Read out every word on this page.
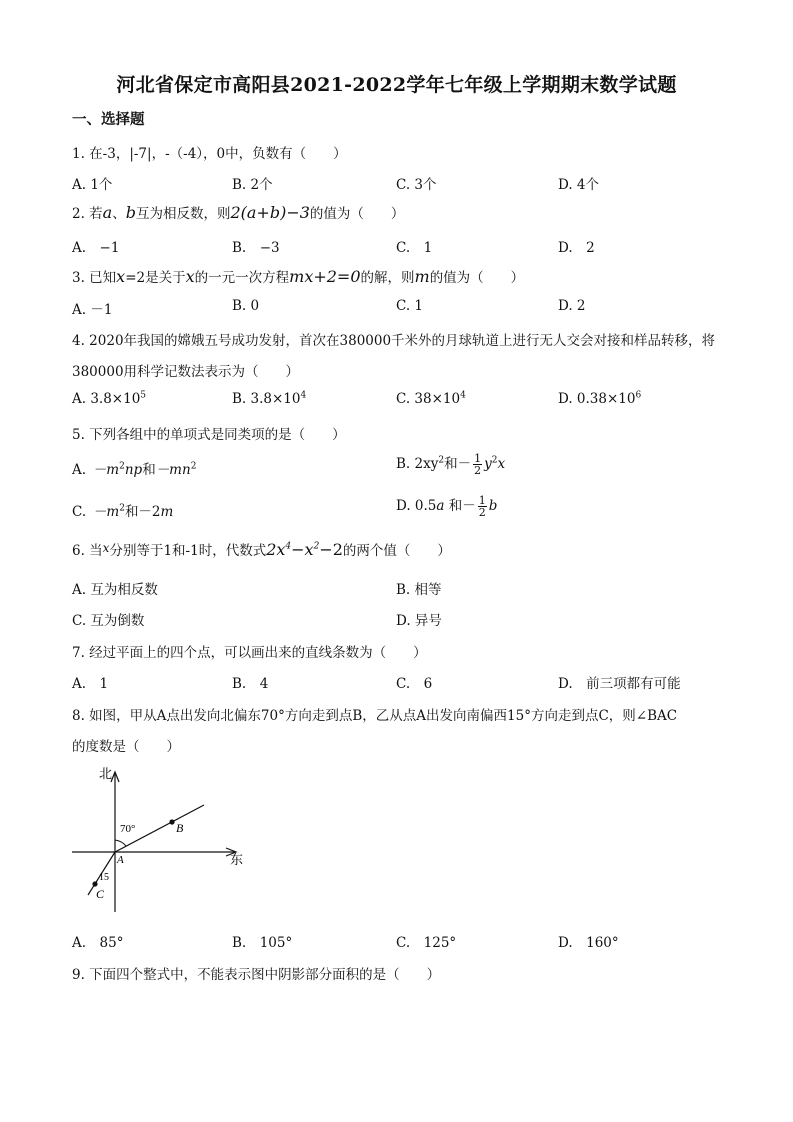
河北省保定市高阳县2021-2022学年七年级上学期期末数学试题
一、选择题
1. 在-3，|-7|，-（-4），0中，负数有（　　）
A. 1个	B. 2个	C. 3个	D. 4个
2. 若a、b互为相反数，则2(a+b)−3的值为（　　）
A.　−1	B.　−3	C.　1	D.　2
3. 已知x=2是关于x的一元一次方程mx+2=0的解，则m的值为（　　）
A. －1	B. 0	C. 1	D. 2
4. 2020年我国的嫦娥五号成功发射，首次在380000千米外的月球轨道上进行无人交会对接和样品转移，将
380000用科学记数法表示为（　　）
A. $3.8\times 10^5$	B. $3.8\times 10^4$	C. $38\times 10^4$	D. $0.38\times 10^6$
5. 下列各组中的单项式是同类项的是（　　）
A.  $-m^2np$和$-mn^2$	B. $2xy^2$和－ $\frac{1}{2} y^2x$
C.  $-m^2$和－2m	D. 0.5a 和－ $\frac{1}{2}$ b
6. 当x分别等于1和-1时，代数式$2x^4-x^2-2$的两个值（　　）
A. 互为相反数	B. 相等
C. 互为倒数	D. 异号
7. 经过平面上的四个点，可以画出来的直线条数为（　　）
A.　1	B.　4	C.　6	D.　前三项都有可能
8. 如图，甲从A点出发向北偏东70°方向走到点B，乙从点A出发向南偏西15°方向走到点C，则∠BAC
的度数是（　　）
北
东
70°
15
A
B
C
A.　85°	B.　105°	C.　125°	D.　160°
9. 下面四个整式中，不能表示图中阴影部分面积的是（　　）
